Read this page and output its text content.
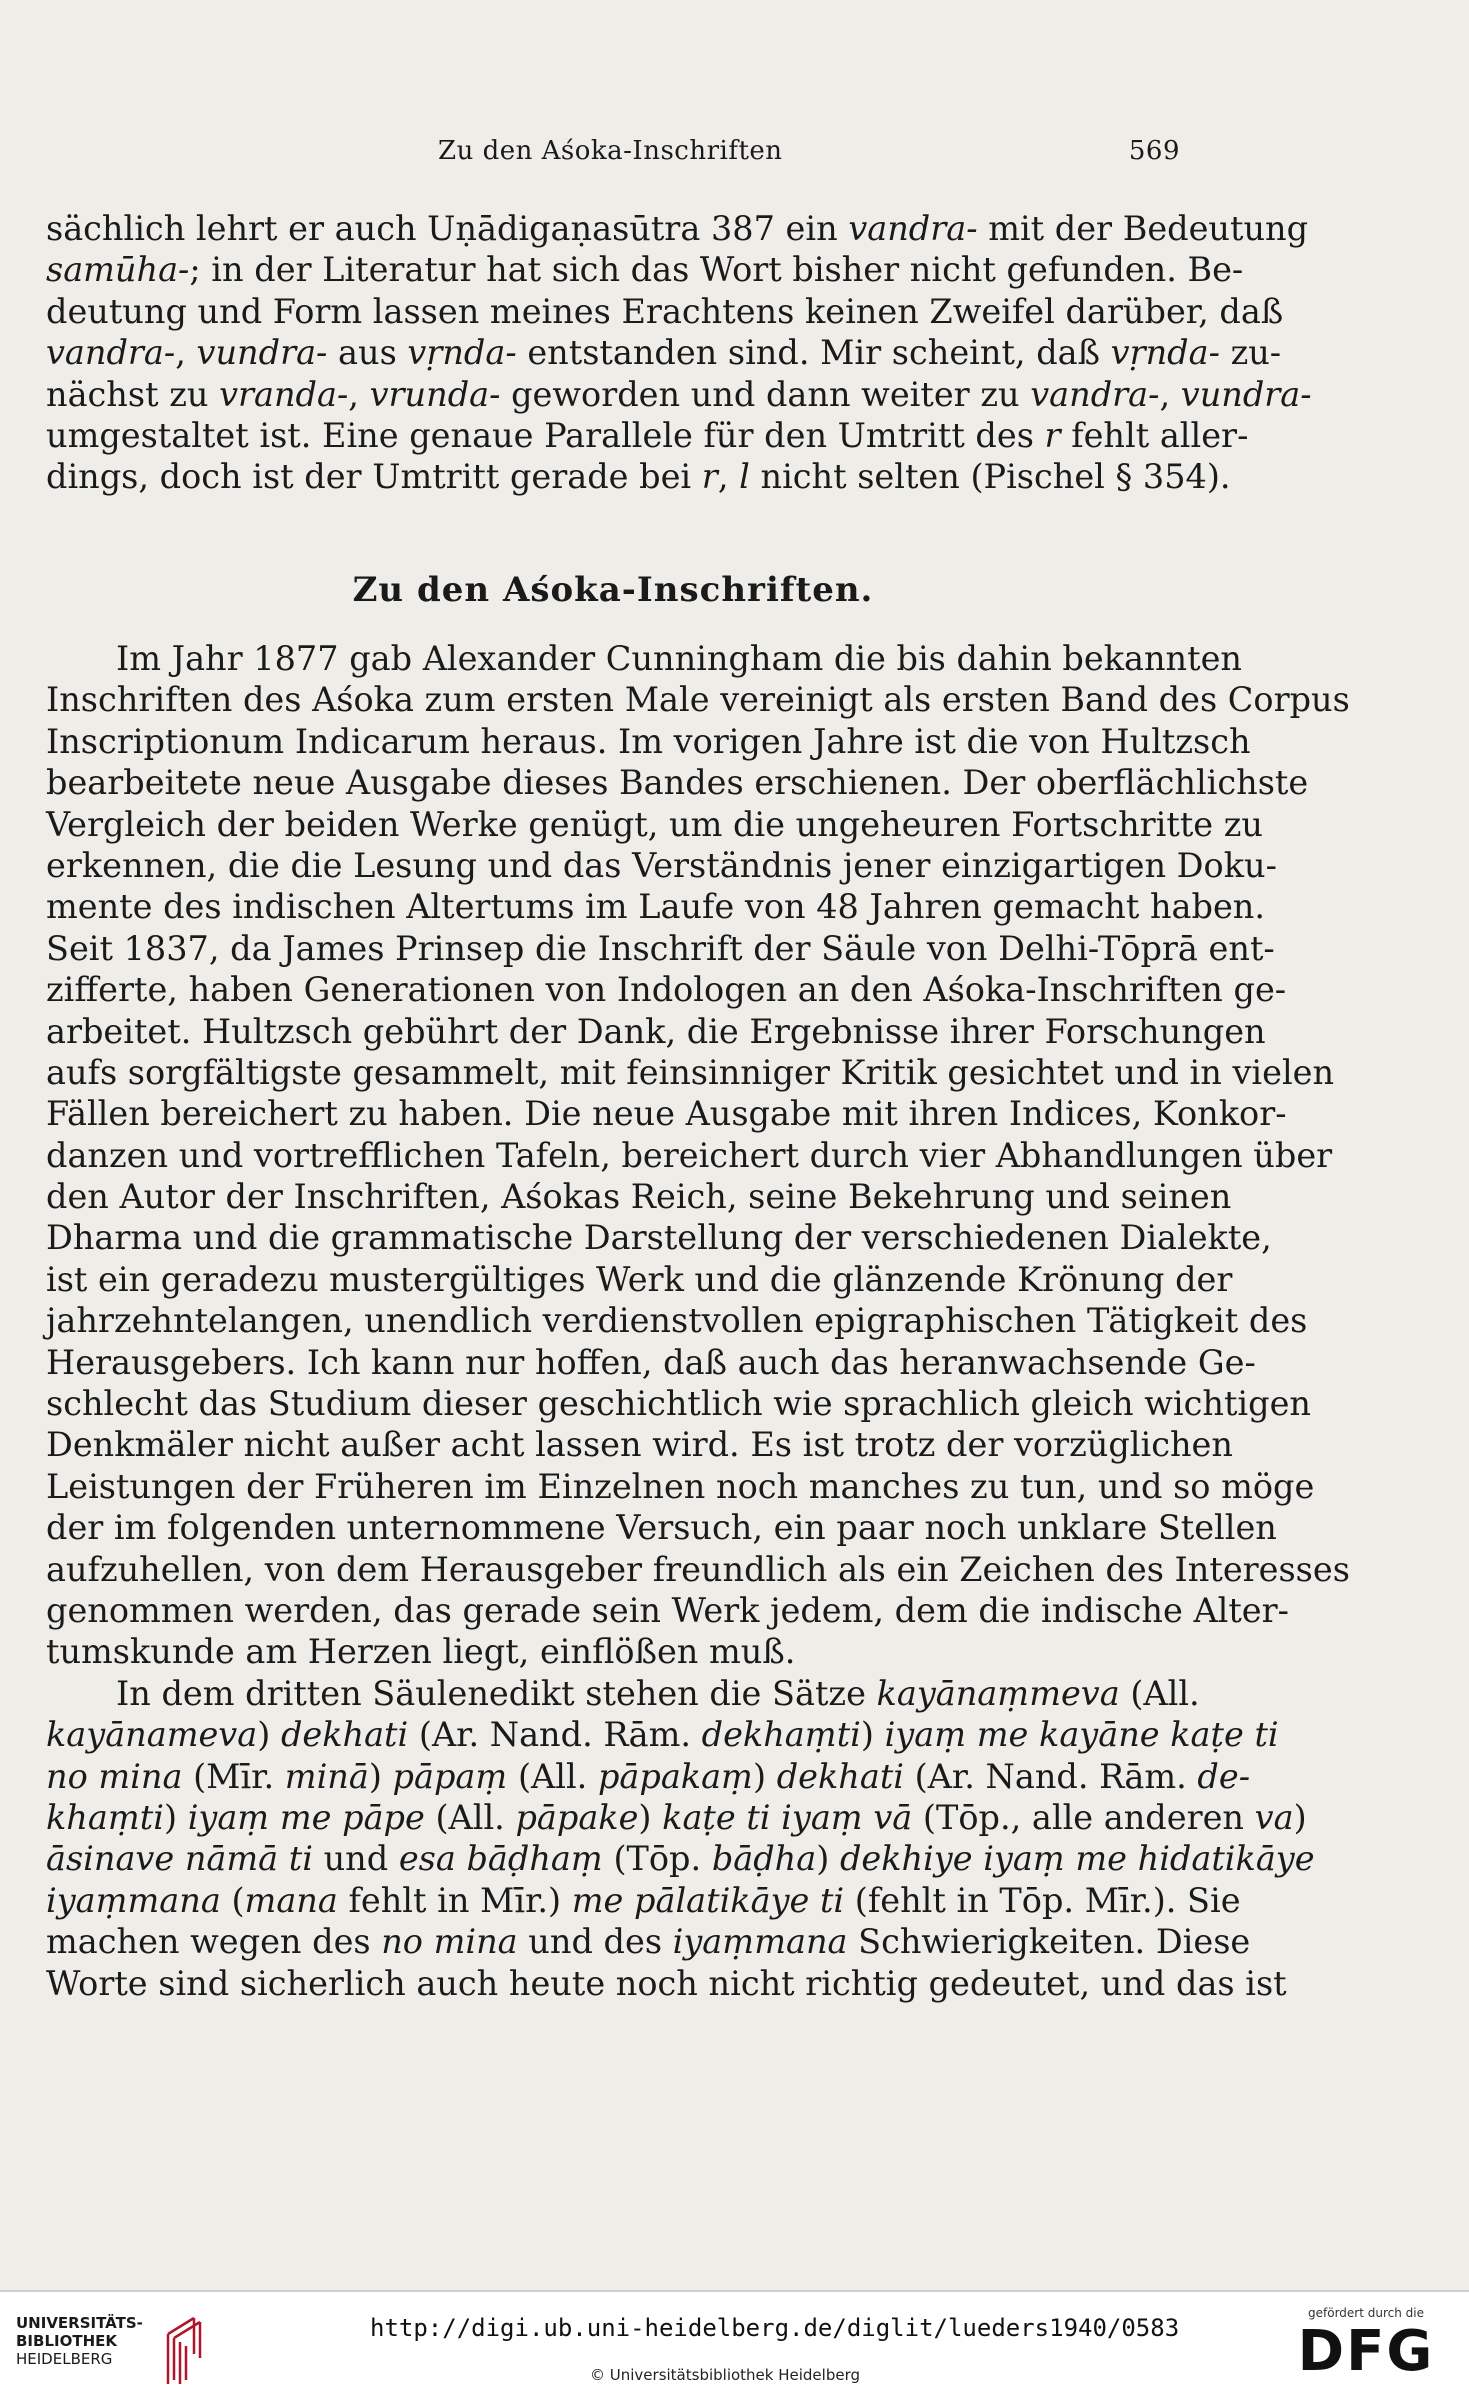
Zu den Aśoka-Inschriften	569
sächlich lehrt er auch Uṇādigaṇasūtra 387 ein vandra- mit der Bedeutung
samūha-; in der Literatur hat sich das Wort bisher nicht gefunden. Be-
deutung und Form lassen meines Erachtens keinen Zweifel darüber, daß
vandra-, vundra- aus vṛnda- entstanden sind. Mir scheint, daß vṛnda- zu-
nächst zu vranda-, vrunda- geworden und dann weiter zu vandra-, vundra-
umgestaltet ist. Eine genaue Parallele für den Umtritt des r fehlt aller-
dings, doch ist der Umtritt gerade bei r, l nicht selten (Pischel § 354).
Zu den Aśoka-Inschriften.
Im Jahr 1877 gab Alexander Cunningham die bis dahin bekannten
Inschriften des Aśoka zum ersten Male vereinigt als ersten Band des Corpus
Inscriptionum Indicarum heraus. Im vorigen Jahre ist die von Hultzsch
bearbeitete neue Ausgabe dieses Bandes erschienen. Der oberflächlichste
Vergleich der beiden Werke genügt, um die ungeheuren Fortschritte zu
erkennen, die die Lesung und das Verständnis jener einzigartigen Doku-
mente des indischen Altertums im Laufe von 48 Jahren gemacht haben.
Seit 1837, da James Prinsep die Inschrift der Säule von Delhi-Tōprā ent-
zifferte, haben Generationen von Indologen an den Aśoka-Inschriften ge-
arbeitet. Hultzsch gebührt der Dank, die Ergebnisse ihrer Forschungen
aufs sorgfältigste gesammelt, mit feinsinniger Kritik gesichtet und in vielen
Fällen bereichert zu haben. Die neue Ausgabe mit ihren Indices, Konkor-
danzen und vortrefflichen Tafeln, bereichert durch vier Abhandlungen über
den Autor der Inschriften, Aśokas Reich, seine Bekehrung und seinen
Dharma und die grammatische Darstellung der verschiedenen Dialekte,
ist ein geradezu mustergültiges Werk und die glänzende Krönung der
jahrzehntelangen, unendlich verdienstvollen epigraphischen Tätigkeit des
Herausgebers. Ich kann nur hoffen, daß auch das heranwachsende Ge-
schlecht das Studium dieser geschichtlich wie sprachlich gleich wichtigen
Denkmäler nicht außer acht lassen wird. Es ist trotz der vorzüglichen
Leistungen der Früheren im Einzelnen noch manches zu tun, und so möge
der im folgenden unternommene Versuch, ein paar noch unklare Stellen
aufzuhellen, von dem Herausgeber freundlich als ein Zeichen des Interesses
genommen werden, das gerade sein Werk jedem, dem die indische Alter-
tumskunde am Herzen liegt, einflößen muß.
In dem dritten Säulenedikt stehen die Sätze kayānaṃmeva (All.
kayānameva) dekhati (Ar. Nand. Rām. dekhaṃti) iyaṃ me kayāne kaṭe ti
no mina (Mīr. minā) pāpaṃ (All. pāpakaṃ) dekhati (Ar. Nand. Rām. de-
khaṃti) iyaṃ me pāpe (All. pāpake) kaṭe ti iyaṃ vā (Tōp., alle anderen va)
āsinave nāmā ti und esa bāḍhaṃ (Tōp. bāḍha) dekhiye iyaṃ me hidatikāye
iyaṃmana (mana fehlt in Mīr.) me pālatikāye ti (fehlt in Tōp. Mīr.). Sie
machen wegen des no mina und des iyaṃmana Schwierigkeiten. Diese
Worte sind sicherlich auch heute noch nicht richtig gedeutet, und das ist
UNIVERSITÄTS-
BIBLIOTHEK
HEIDELBERG
http://digi.ub.uni-heidelberg.de/diglit/lueders1940/0583
© Universitätsbibliothek Heidelberg
gefördert durch die
DFG
